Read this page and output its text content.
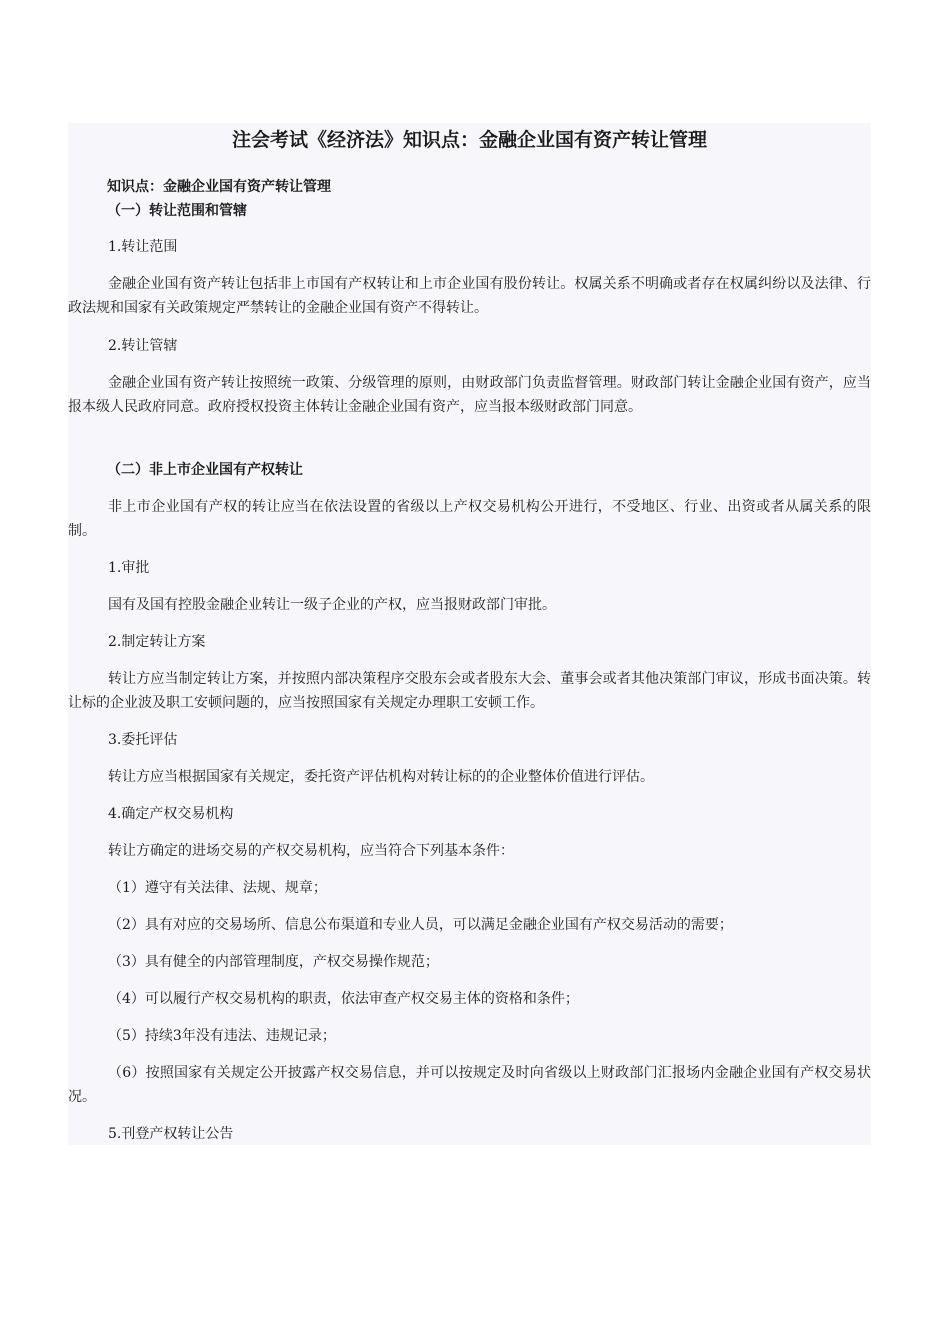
注会考试《经济法》知识点：金融企业国有资产转让管理

知识点：金融企业国有资产转让管理

（一）转让范围和管辖

1.转让范围

金融企业国有资产转让包括非上市国有产权转让和上市企业国有股份转让。权属关系不明确或者存在权属纠纷以及法律、行政法规和国家有关政策规定严禁转让的金融企业国有资产不得转让。

2.转让管辖

金融企业国有资产转让按照统一政策、分级管理的原则，由财政部门负责监督管理。财政部门转让金融企业国有资产，应当报本级人民政府同意。政府授权投资主体转让金融企业国有资产，应当报本级财政部门同意。

（二）非上市企业国有产权转让

非上市企业国有产权的转让应当在依法设置的省级以上产权交易机构公开进行，不受地区、行业、出资或者从属关系的限制。

1.审批

国有及国有控股金融企业转让一级子企业的产权，应当报财政部门审批。

2.制定转让方案

转让方应当制定转让方案，并按照内部决策程序交股东会或者股东大会、董事会或者其他决策部门审议，形成书面决策。转让标的企业波及职工安顿问题的，应当按照国家有关规定办理职工安顿工作。

3.委托评估

转让方应当根据国家有关规定，委托资产评估机构对转让标的的企业整体价值进行评估。

4.确定产权交易机构

转让方确定的进场交易的产权交易机构，应当符合下列基本条件：

（1）遵守有关法律、法规、规章；

（2）具有对应的交易场所、信息公布渠道和专业人员，可以满足金融企业国有产权交易活动的需要；

（3）具有健全的内部管理制度，产权交易操作规范；

（4）可以履行产权交易机构的职责，依法审查产权交易主体的资格和条件；

（5）持续3年没有违法、违规记录；

（6）按照国家有关规定公开披露产权交易信息，并可以按规定及时向省级以上财政部门汇报场内金融企业国有产权交易状况。

5.刊登产权转让公告
